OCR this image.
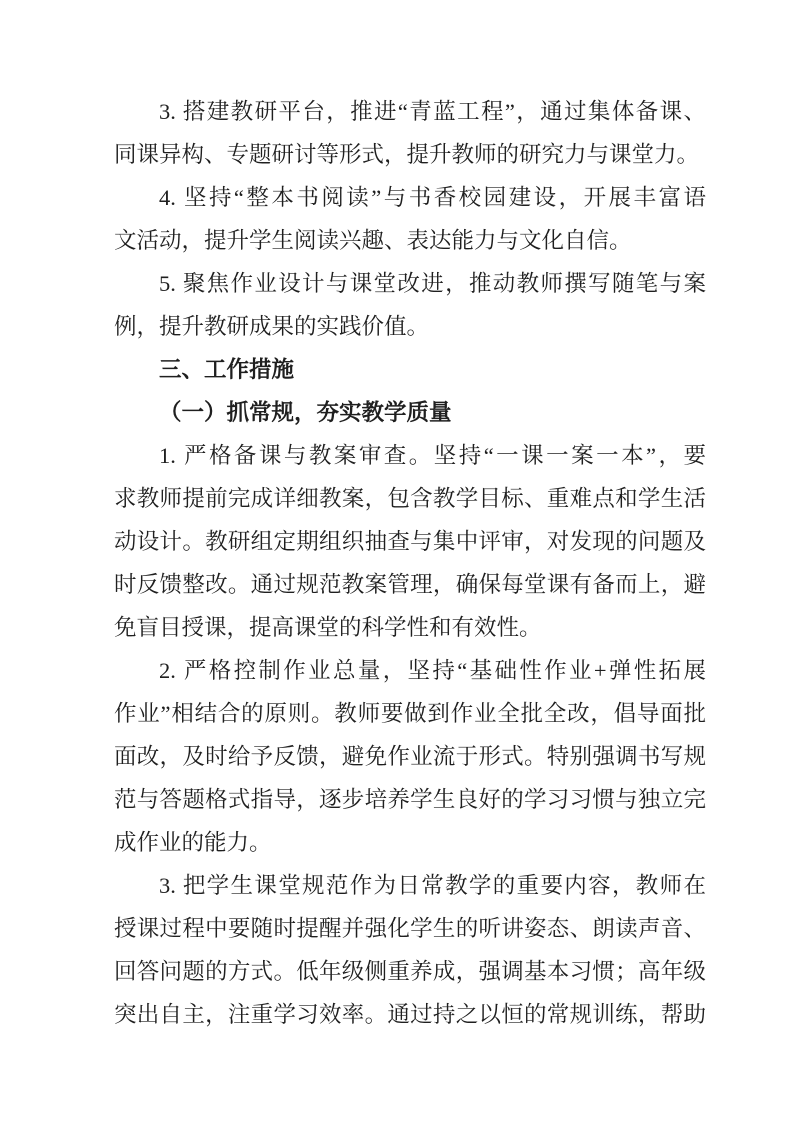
3. 搭建教研平台，推进“青蓝工程”，通过集体备课、
同课异构、专题研讨等形式，提升教师的研究力与课堂力。
4. 坚持“整本书阅读”与书香校园建设，开展丰富语
文活动，提升学生阅读兴趣、表达能力与文化自信。
5. 聚焦作业设计与课堂改进，推动教师撰写随笔与案
例，提升教研成果的实践价值。
三、工作措施
（一）抓常规，夯实教学质量
1. 严格备课与教案审查。坚持“一课一案一本”，要
求教师提前完成详细教案，包含教学目标、重难点和学生活
动设计。教研组定期组织抽查与集中评审，对发现的问题及
时反馈整改。通过规范教案管理，确保每堂课有备而上，避
免盲目授课，提高课堂的科学性和有效性。
2. 严格控制作业总量，坚持“基础性作业+弹性拓展
作业”相结合的原则。教师要做到作业全批全改，倡导面批
面改，及时给予反馈，避免作业流于形式。特别强调书写规
范与答题格式指导，逐步培养学生良好的学习习惯与独立完
成作业的能力。
3. 把学生课堂规范作为日常教学的重要内容，教师在
授课过程中要随时提醒并强化学生的听讲姿态、朗读声音、
回答问题的方式。低年级侧重养成，强调基本习惯；高年级
突出自主，注重学习效率。通过持之以恒的常规训练，帮助
